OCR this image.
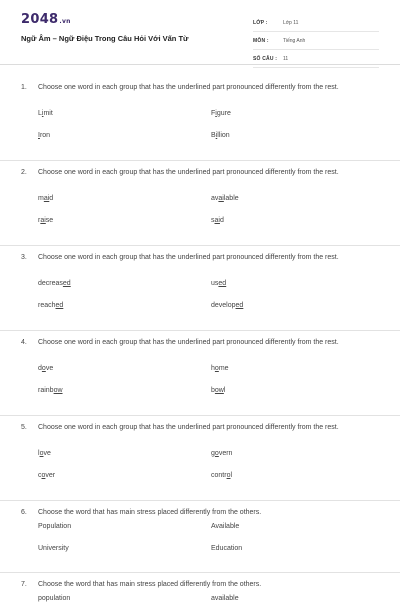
2048.vn
Ngữ Âm – Ngữ Điệu Trong Câu Hỏi Với Vấn Từ
LỚP :	Lớp 11
MÔN :	Tiếng Anh
SỐ CÂU :	11
1.	Choose one word in each group that has the underlined part pronounced differently from the rest.
Limit	Figure
Iron	Billion
2.	Choose one word in each group that has the underlined part pronounced differently from the rest.
maid	available
raise	said
3.	Choose one word in each group that has the underlined part pronounced differently from the rest.
decreased	used
reached	developed
4.	Choose one word in each group that has the underlined part pronounced differently from the rest.
dove	home
rainbow	bowl
5.	Choose one word in each group that has the underlined part pronounced differently from the rest.
love	govern
cover	control
6.	Choose the word that has main stress placed differently from the others.
Population	Available
University	Education
7.	Choose the word that has main stress placed differently from the others.
population	available
